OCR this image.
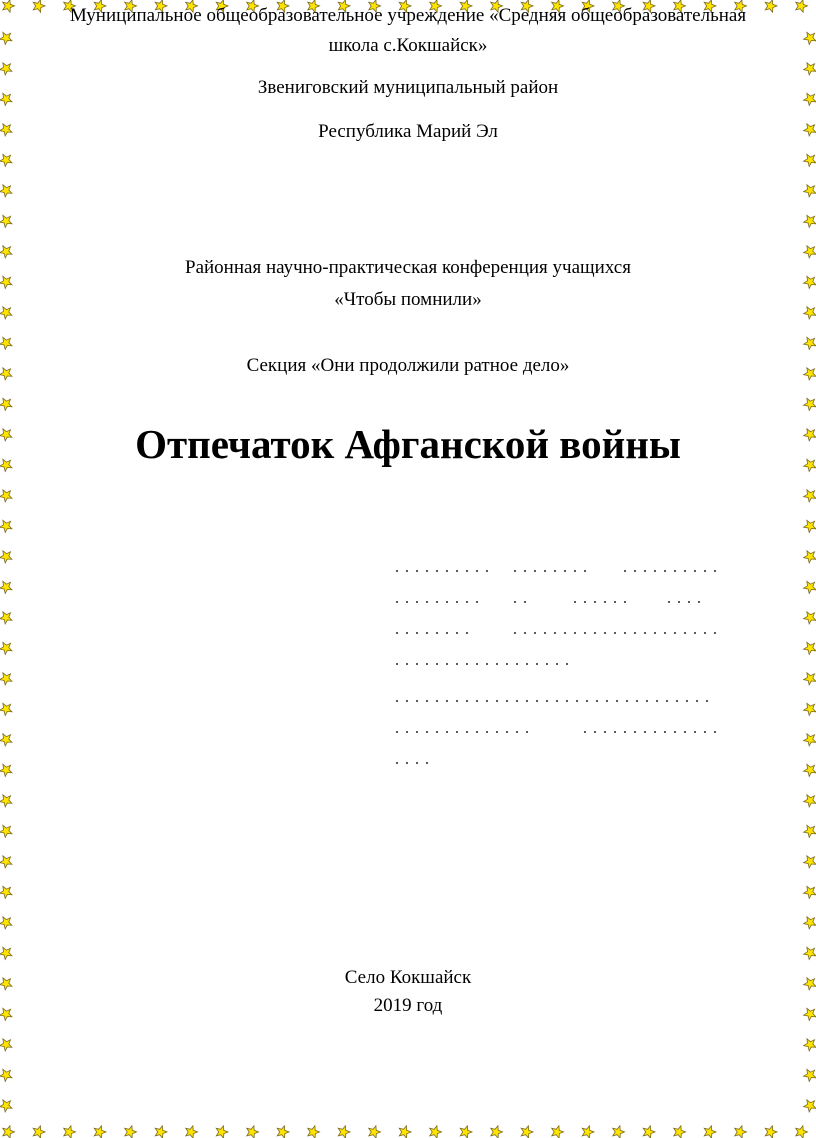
Муниципальное общеобразовательное учреждение «Средняя общеобразовательная
школа с.Кокшайск»
Звениговский муниципальный район
Республика Марий Эл
Районная научно-практическая конференция учащихся
«Чтобы помнили»
Секция «Они продолжили ратное дело»
Отпечаток Афганской войны
Село Кокшайск
2019 год
